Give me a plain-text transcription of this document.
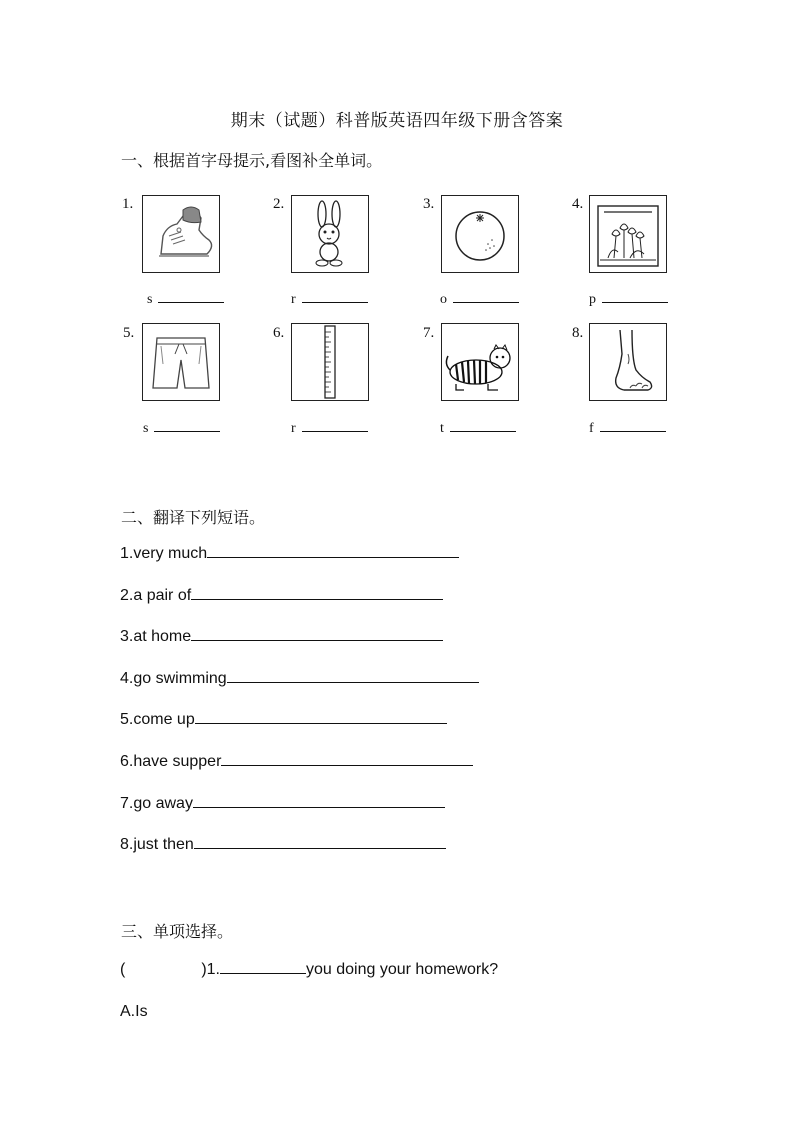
期末（试题）科普版英语四年级下册含答案
一、根据首字母提示,看图补全单词。
1.
s
2.
r
3.
o
4.
p
5.
s
6.
r
7.
t
8.
f
二、翻译下列短语。
1.very much
2.a pair of
3.at home
4.go swimming
5.come up
6.have supper
7.go away
8.just then
三、单项选择。
(	)1.	you doing your homework?
A.Is
